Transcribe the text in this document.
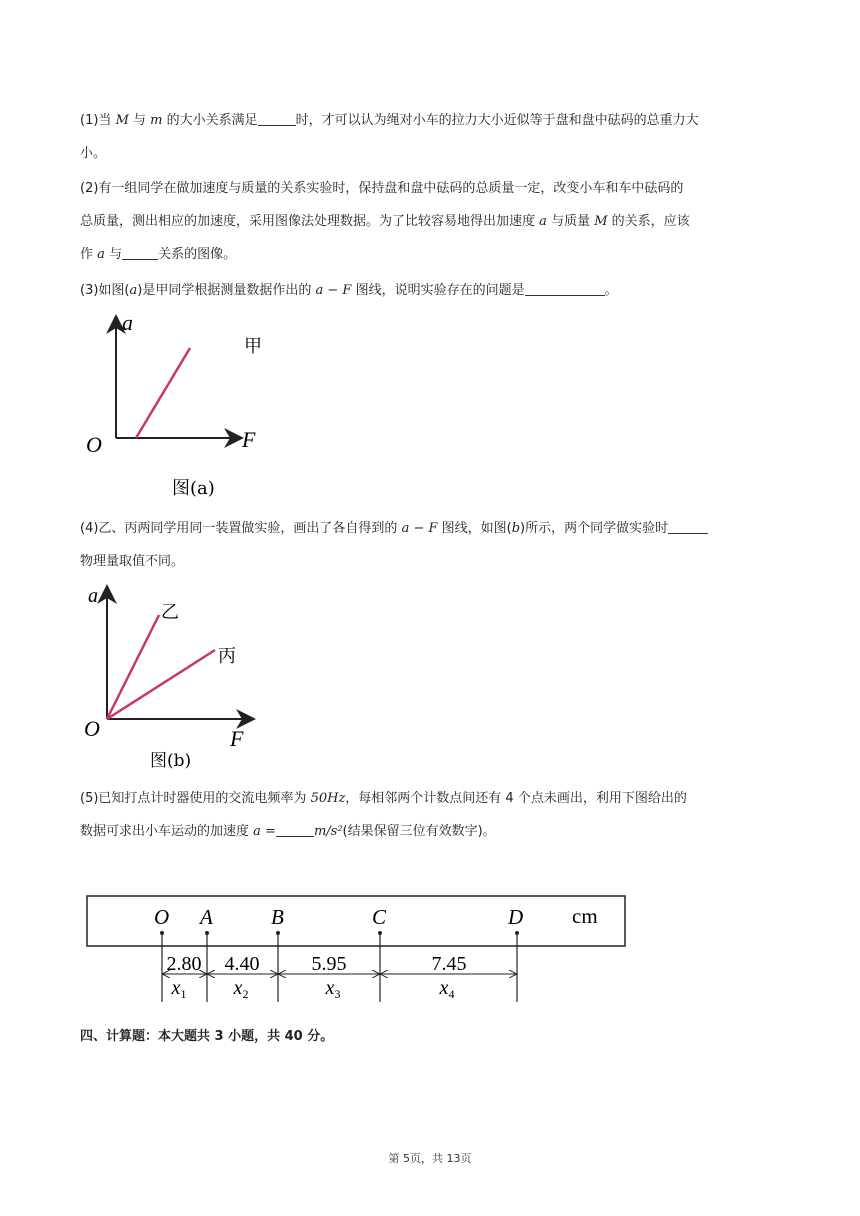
(1)当 M 与 m 的大小关系满足	时，才可以认为绳对小车的拉力大小近似等于盘和盘中砝码的总重力大
小。
(2)有一组同学在做加速度与质量的关系实验时，保持盘和盘中砝码的总质量一定，改变小车和车中砝码的
总质量，测出相应的加速度，采用图像法处理数据。为了比较容易地得出加速度 a 与质量 M 的关系，应该
作 a 与	关系的图像。
(3)如图(a)是甲同学根据测量数据作出的 a − F 图线，说明实验存在的问题是	。
a
F
O
甲
图(a)
(4)乙、丙两同学用同一装置做实验，画出了各自得到的 a − F 图线，如图(b)所示，两个同学做实验时
物理量取值不同。
a
F
O
乙
丙
图(b)
(5)已知打点计时器使用的交流电频率为 50Hz，每相邻两个计数点间还有 4 个点未画出，利用下图给出的
数据可求出小车运动的加速度 a =	m/s²(结果保留三位有效数字)。
cm
O A	B	C	D
2.80 4.40	5.95	7.45
$x_1$ $x_2$	$x_3$	$x_4$
四、计算题：本大题共 3 小题，共 40 分。
第 5页，共 13页
